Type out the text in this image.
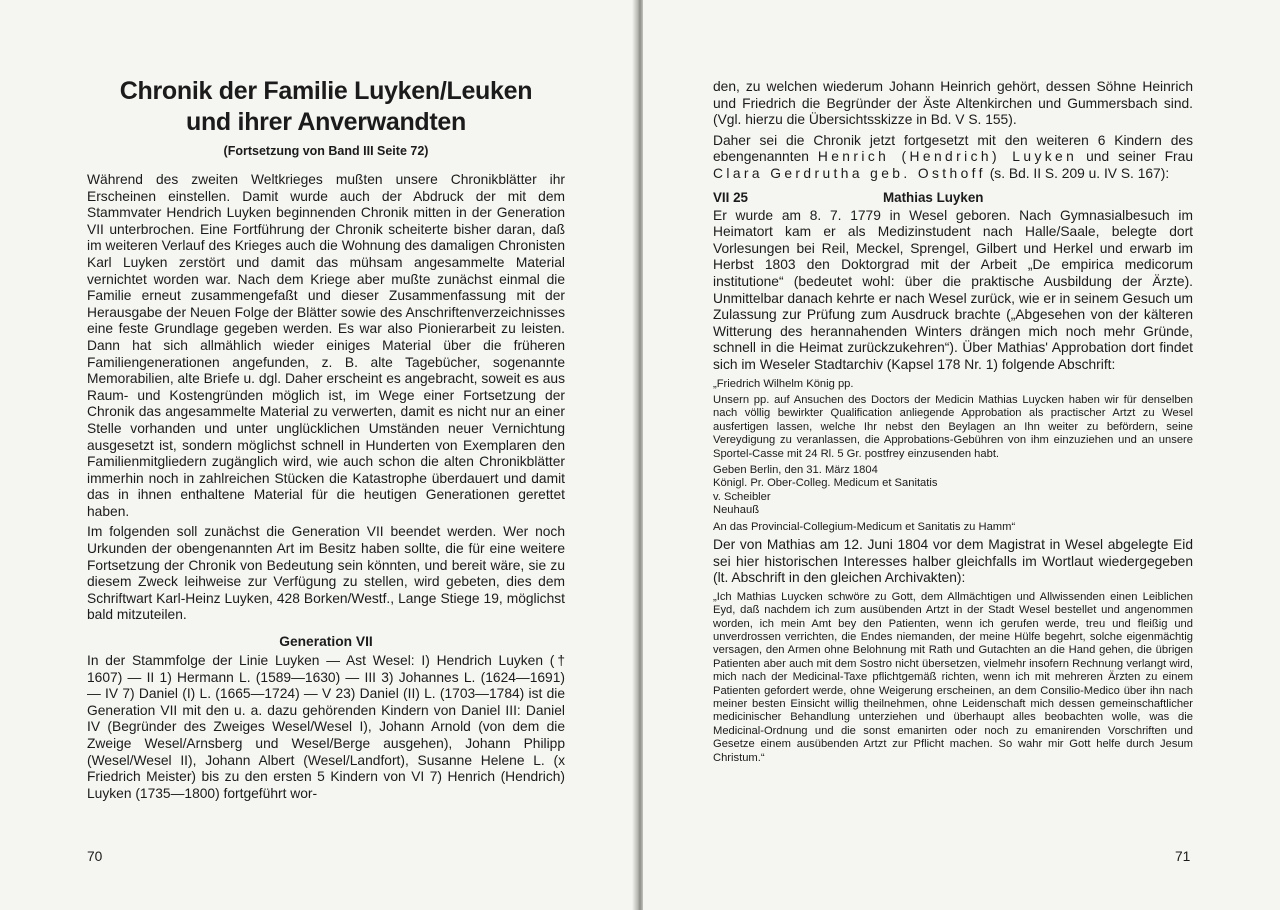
Chronik der Familie Luyken/Leuken
und ihrer Anverwandten
(Fortsetzung von Band III Seite 72)

Während des zweiten Weltkrieges mußten unsere Chronikblätter ihr Erscheinen einstellen. Damit wurde auch der Abdruck der mit dem Stammvater Hendrich Luyken beginnenden Chronik mitten in der Generation VII unterbrochen. Eine Fortführung der Chronik scheiterte bisher daran, daß im weiteren Verlauf des Krieges auch die Wohnung des damaligen Chronisten Karl Luyken zerstört und damit das mühsam angesammelte Material vernichtet worden war. Nach dem Kriege aber mußte zunächst einmal die Familie erneut zusammengefaßt und dieser Zusammenfassung mit der Herausgabe der Neuen Folge der Blätter sowie des Anschriftenverzeichnisses eine feste Grundlage gegeben werden. Es war also Pionierarbeit zu leisten. Dann hat sich allmählich wieder einiges Material über die früheren Familiengenerationen angefunden, z. B. alte Tagebücher, sogenannte Memorabilien, alte Briefe u. dgl. Daher erscheint es angebracht, soweit es aus Raum- und Kostengründen möglich ist, im Wege einer Fortsetzung der Chronik das angesammelte Material zu verwerten, damit es nicht nur an einer Stelle vorhanden und unter unglücklichen Umständen neuer Vernichtung ausgesetzt ist, sondern möglichst schnell in Hunderten von Exemplaren den Familienmitgliedern zugänglich wird, wie auch schon die alten Chronikblätter immerhin noch in zahlreichen Stücken die Katastrophe überdauert und damit das in ihnen enthaltene Material für die heutigen Generationen gerettet haben.

Im folgenden soll zunächst die Generation VII beendet werden. Wer noch Urkunden der obengenannten Art im Besitz haben sollte, die für eine weitere Fortsetzung der Chronik von Bedeutung sein könnten, und bereit wäre, sie zu diesem Zweck leihweise zur Verfügung zu stellen, wird gebeten, dies dem Schriftwart Karl-Heinz Luyken, 428 Borken/Westf., Lange Stiege 19, möglichst bald mitzuteilen.

Generation VII

In der Stammfolge der Linie Luyken — Ast Wesel: I) Hendrich Luyken († 1607) — II 1) Hermann L. (1589—1630) — III 3) Johannes L. (1624—1691) — IV 7) Daniel (I) L. (1665—1724) — V 23) Daniel (II) L. (1703—1784) ist die Generation VII mit den u. a. dazu gehörenden Kindern von Daniel III: Daniel IV (Begründer des Zweiges Wesel/Wesel I), Johann Arnold (von dem die Zweige Wesel/Arnsberg und Wesel/Berge ausgehen), Johann Philipp (Wesel/Wesel II), Johann Albert (Wesel/Landfort), Susanne Helene L. (x Friedrich Meister) bis zu den ersten 5 Kindern von VI 7) Henrich (Hendrich) Luyken (1735—1800) fortgeführt wor-

70

den, zu welchen wiederum Johann Heinrich gehört, dessen Söhne Heinrich und Friedrich die Begründer der Äste Altenkirchen und Gummersbach sind. (Vgl. hierzu die Übersichtsskizze in Bd. V S. 155).

Daher sei die Chronik jetzt fortgesetzt mit den weiteren 6 Kindern des ebengenannten Henrich (Hendrich) Luyken und seiner Frau Clara Gerdrutha geb. Osthoff (s. Bd. II S. 209 u. IV S. 167):

VII 25	Mathias Luyken

Er wurde am 8. 7. 1779 in Wesel geboren. Nach Gymnasialbesuch im Heimatort kam er als Medizinstudent nach Halle/Saale, belegte dort Vorlesungen bei Reil, Meckel, Sprengel, Gilbert und Herkel und erwarb im Herbst 1803 den Doktorgrad mit der Arbeit „De empirica medicorum institutione“ (bedeutet wohl: über die praktische Ausbildung der Ärzte). Unmittelbar danach kehrte er nach Wesel zurück, wie er in seinem Gesuch um Zulassung zur Prüfung zum Ausdruck brachte („Abgesehen von der kälteren Witterung des herannahenden Winters drängen mich noch mehr Gründe, schnell in die Heimat zurückzukehren“). Über Mathias' Approbation dort findet sich im Weseler Stadtarchiv (Kapsel 178 Nr. 1) folgende Abschrift:

„Friedrich Wilhelm König pp.

Unsern pp. auf Ansuchen des Doctors der Medicin Mathias Luycken haben wir für denselben nach völlig bewirkter Qualification anliegende Approbation als practischer Artzt zu Wesel ausfertigen lassen, welche Ihr nebst den Beylagen an Ihn weiter zu befördern, seine Vereydigung zu veranlassen, die Approbations-Gebühren von ihm einzuziehen und an unsere Sportel-Casse mit 24 Rl. 5 Gr. postfrey einzusenden habt.

Geben Berlin, den 31. März 1804

Königl. Pr. Ober-Colleg. Medicum et Sanitatis

v. Scheibler

Neuhauß

An das Provincial-Collegium-Medicum et Sanitatis zu Hamm“

Der von Mathias am 12. Juni 1804 vor dem Magistrat in Wesel abgelegte Eid sei hier historischen Interesses halber gleichfalls im Wortlaut wiedergegeben (lt. Abschrift in den gleichen Archivakten):

„Ich Mathias Luycken schwöre zu Gott, dem Allmächtigen und Allwissenden einen Leiblichen Eyd, daß nachdem ich zum ausübenden Artzt in der Stadt Wesel bestellet und angenommen worden, ich mein Amt bey den Patienten, wenn ich gerufen werde, treu und fleißig und unverdrossen verrichten, die Endes niemanden, der meine Hülfe begehrt, solche eigenmächtig versagen, den Armen ohne Belohnung mit Rath und Gutachten an die Hand gehen, die übrigen Patienten aber auch mit dem Sostro nicht übersetzen, vielmehr insofern Rechnung verlangt wird, mich nach der Medicinal-Taxe pflichtgemäß richten, wenn ich mit mehreren Ärzten zu einem Patienten gefordert werde, ohne Weigerung erscheinen, an dem Consilio-Medico über ihn nach meiner besten Einsicht willig theilnehmen, ohne Leidenschaft mich dessen gemeinschaftlicher medicinischer Behandlung unterziehen und überhaupt alles beobachten wolle, was die Medicinal-Ordnung und die sonst emanirten oder noch zu emanirenden Vorschriften und Gesetze einem ausübenden Artzt zur Pflicht machen. So wahr mir Gott helfe durch Jesum Christum.“

71
